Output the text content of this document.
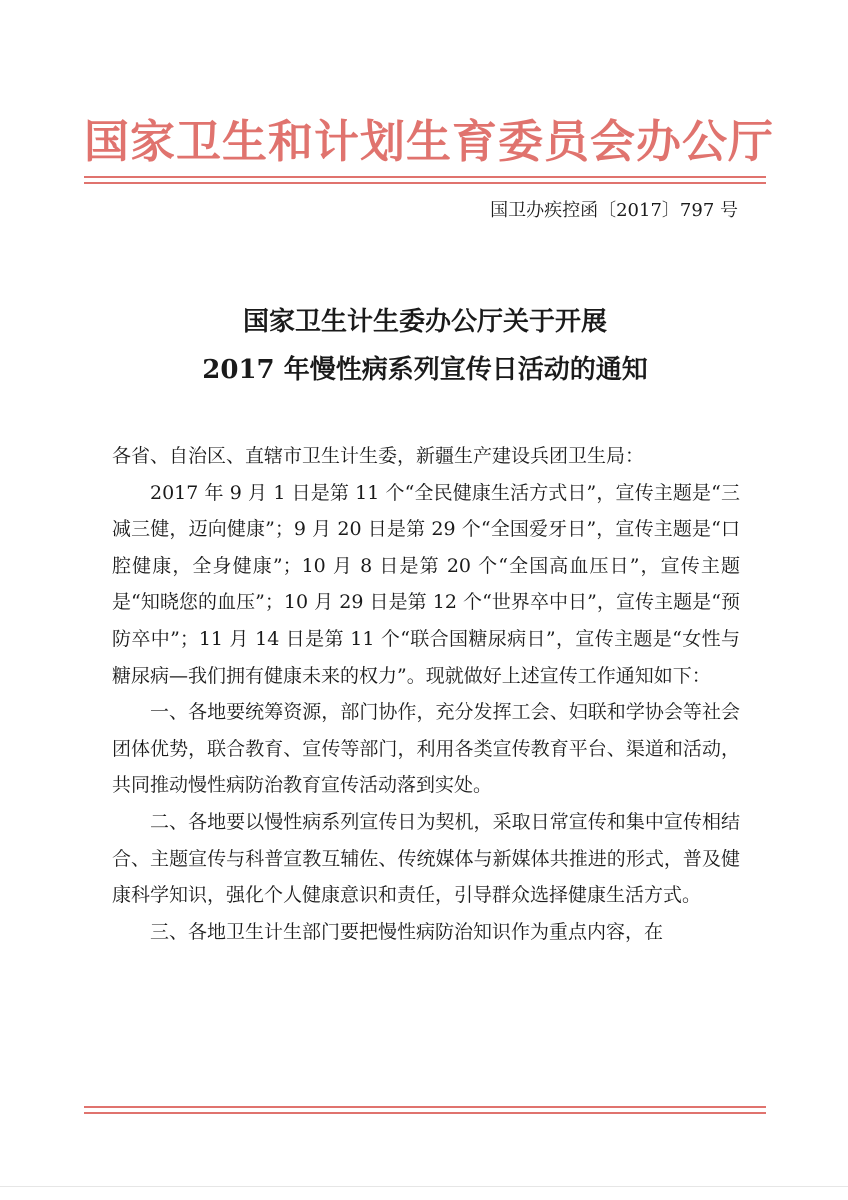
国家卫生和计划生育委员会办公厅
国卫办疾控函〔2017〕797 号
国家卫生计生委办公厅关于开展
2017 年慢性病系列宣传日活动的通知

各省、自治区、直辖市卫生计生委，新疆生产建设兵团卫生局：

2017 年 9 月 1 日是第 11 个“全民健康生活方式日”，宣传主题是“三减三健，迈向健康”；9 月 20 日是第 29 个“全国爱牙日”，宣传主题是“口腔健康，全身健康”；10 月 8 日是第 20 个“全国高血压日”，宣传主题是“知晓您的血压”；10 月 29 日是第 12 个“世界卒中日”，宣传主题是“预防卒中”；11 月 14 日是第 11 个“联合国糖尿病日”，宣传主题是“女性与糖尿病—我们拥有健康未来的权力”。现就做好上述宣传工作通知如下：

一、各地要统筹资源，部门协作，充分发挥工会、妇联和学协会等社会团体优势，联合教育、宣传等部门，利用各类宣传教育平台、渠道和活动，共同推动慢性病防治教育宣传活动落到实处。

二、各地要以慢性病系列宣传日为契机，采取日常宣传和集中宣传相结合、主题宣传与科普宣教互辅佐、传统媒体与新媒体共推进的形式，普及健康科学知识，强化个人健康意识和责任，引导群众选择健康生活方式。

三、各地卫生计生部门要把慢性病防治知识作为重点内容，在
